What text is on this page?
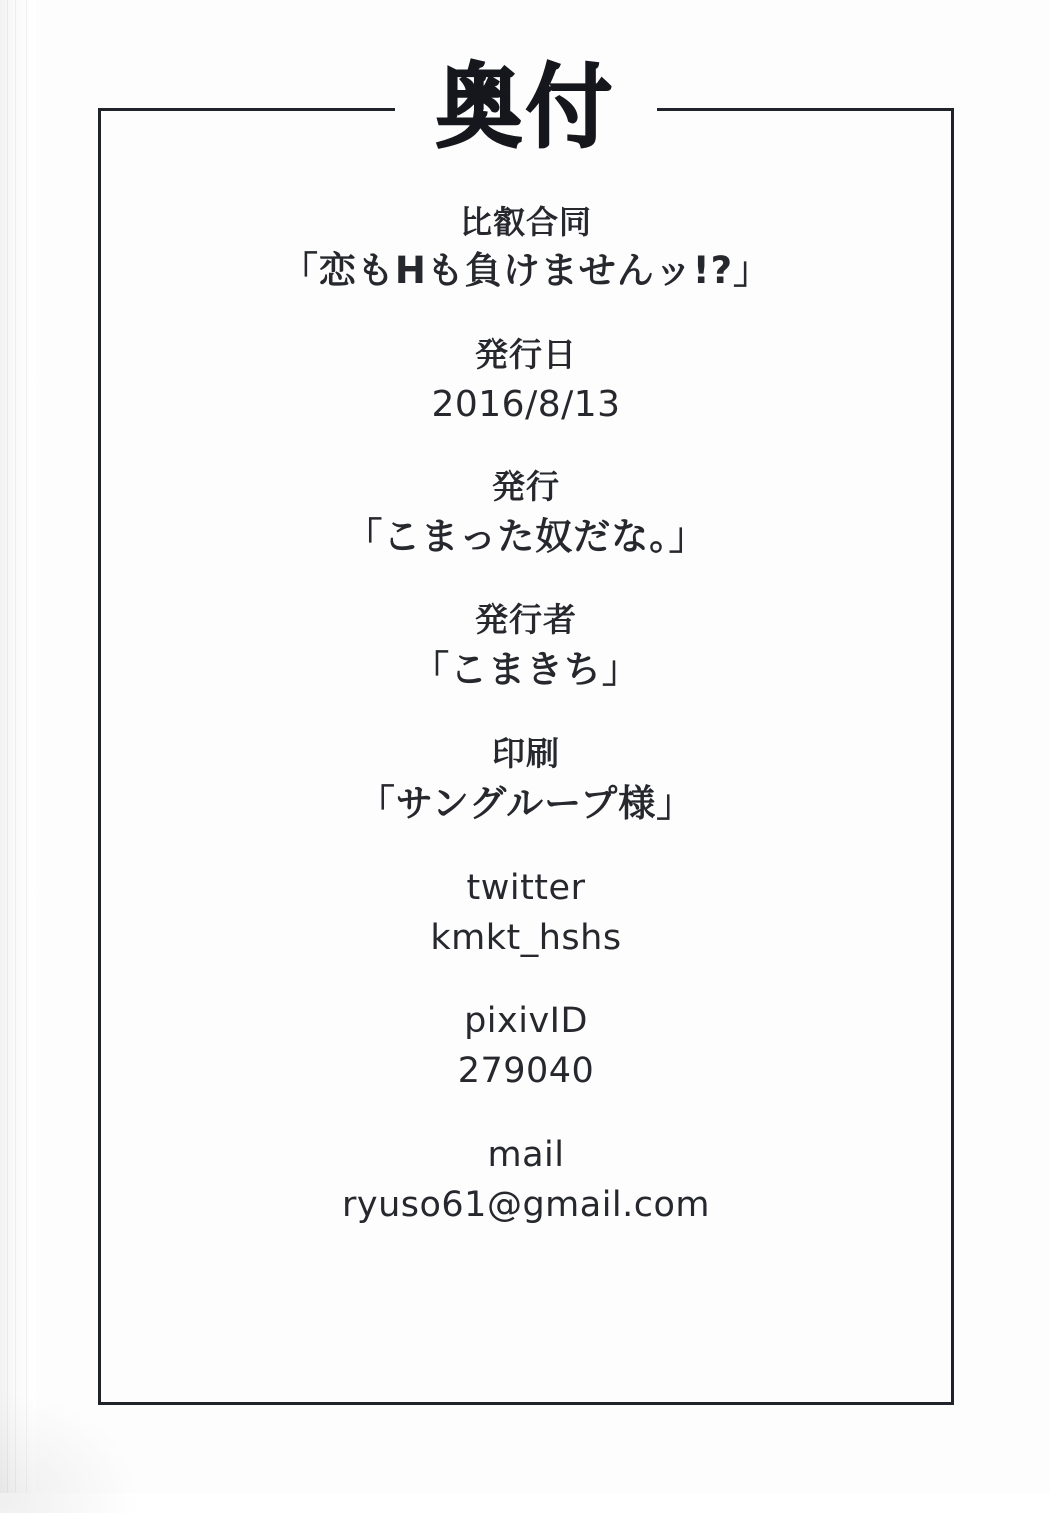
奥付
比叡合同
「恋もHも負けませんッ!?」
発行日
2016/8/13
発行
「こまった奴だな。」
発行者
「こまきち」
印刷
「サングループ様」
twitter
kmkt_hshs
pixivID
279040
mail
ryuso61@gmail.com
